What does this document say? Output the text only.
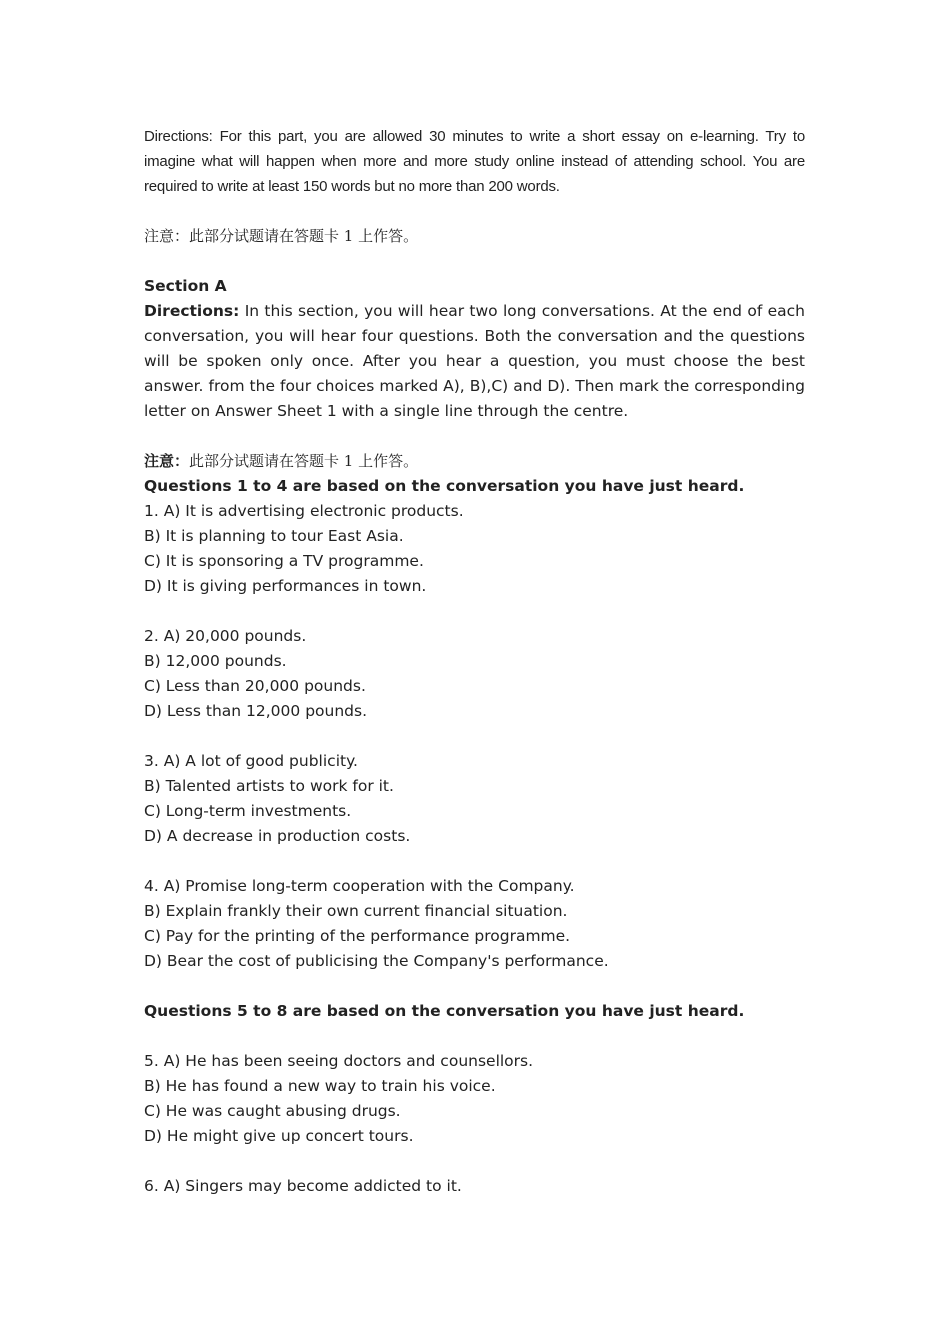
Directions: For this part, you are allowed 30 minutes to write a short essay on e-learning. Try to imagine what will happen when more and more study online instead of attending school. You are required to write at least 150 words but no more than 200 words.

注意：此部分试题请在答题卡 1 上作答。

Section A

Directions: In this section, you will hear two long conversations. At the end of each conversation, you will hear four questions. Both the conversation and the questions will be spoken only once. After you hear a question, you must choose the best answer. from the four choices marked A), B),C) and D). Then mark the corresponding letter on Answer Sheet 1 with a single line through the centre.

注意：此部分试题请在答题卡 1 上作答。

Questions 1 to 4 are based on the conversation you have just heard.

1. A) It is advertising electronic products.
B) It is planning to tour East Asia.
C) It is sponsoring a TV programme.
D) It is giving performances in town.
2. A) 20,000 pounds.
B) 12,000 pounds.
C) Less than 20,000 pounds.
D) Less than 12,000 pounds.
3. A) A lot of good publicity.
B) Talented artists to work for it.
C) Long-term investments.
D) A decrease in production costs.
4. A) Promise long-term cooperation with the Company.
B) Explain frankly their own current financial situation.
C) Pay for the printing of the performance programme.
D) Bear the cost of publicising the Company's performance.

Questions 5 to 8 are based on the conversation you have just heard.

5. A) He has been seeing doctors and counsellors.
B) He has found a new way to train his voice.
C) He was caught abusing drugs.
D) He might give up concert tours.
6. A) Singers may become addicted to it.
